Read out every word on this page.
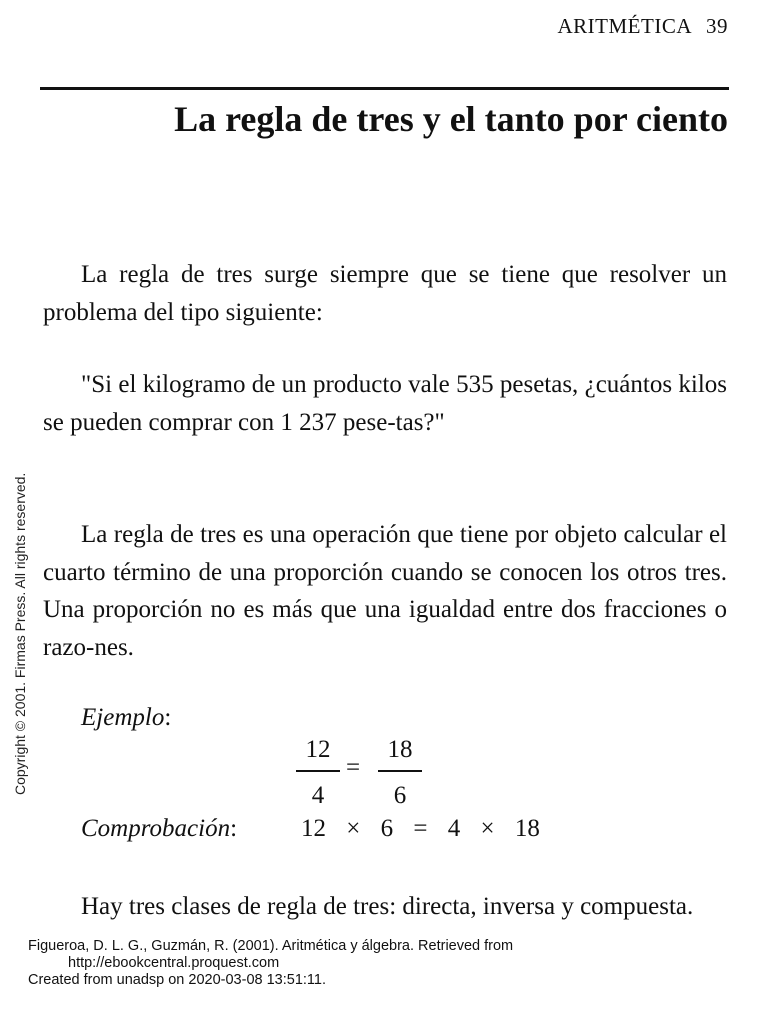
ARITMÉTICA 39
La regla de tres y el tanto por ciento

La regla de tres surge siempre que se tiene que resolver un problema del tipo siguiente:

"Si el kilogramo de un producto vale 535 pesetas, ¿cuántos kilos se pueden comprar con 1 237 pese-tas?"

La regla de tres es una operación que tiene por objeto calcular el cuarto término de una proporción cuando se conocen los otros tres. Una proporción no es más que una igualdad entre dos fracciones o razo-nes.

Ejemplo:
12
4
=
18
6
Comprobación:	12 × 6 = 4 × 18

Hay tres clases de regla de tres: directa, inversa y compuesta.

Copyright © 2001. Firmas Press. All rights reserved.
Figueroa, D. L. G., Guzmán, R. (2001). Aritmética y álgebra. Retrieved from
http://ebookcentral.proquest.com
Created from unadsp on 2020-03-08 13:51:11.
